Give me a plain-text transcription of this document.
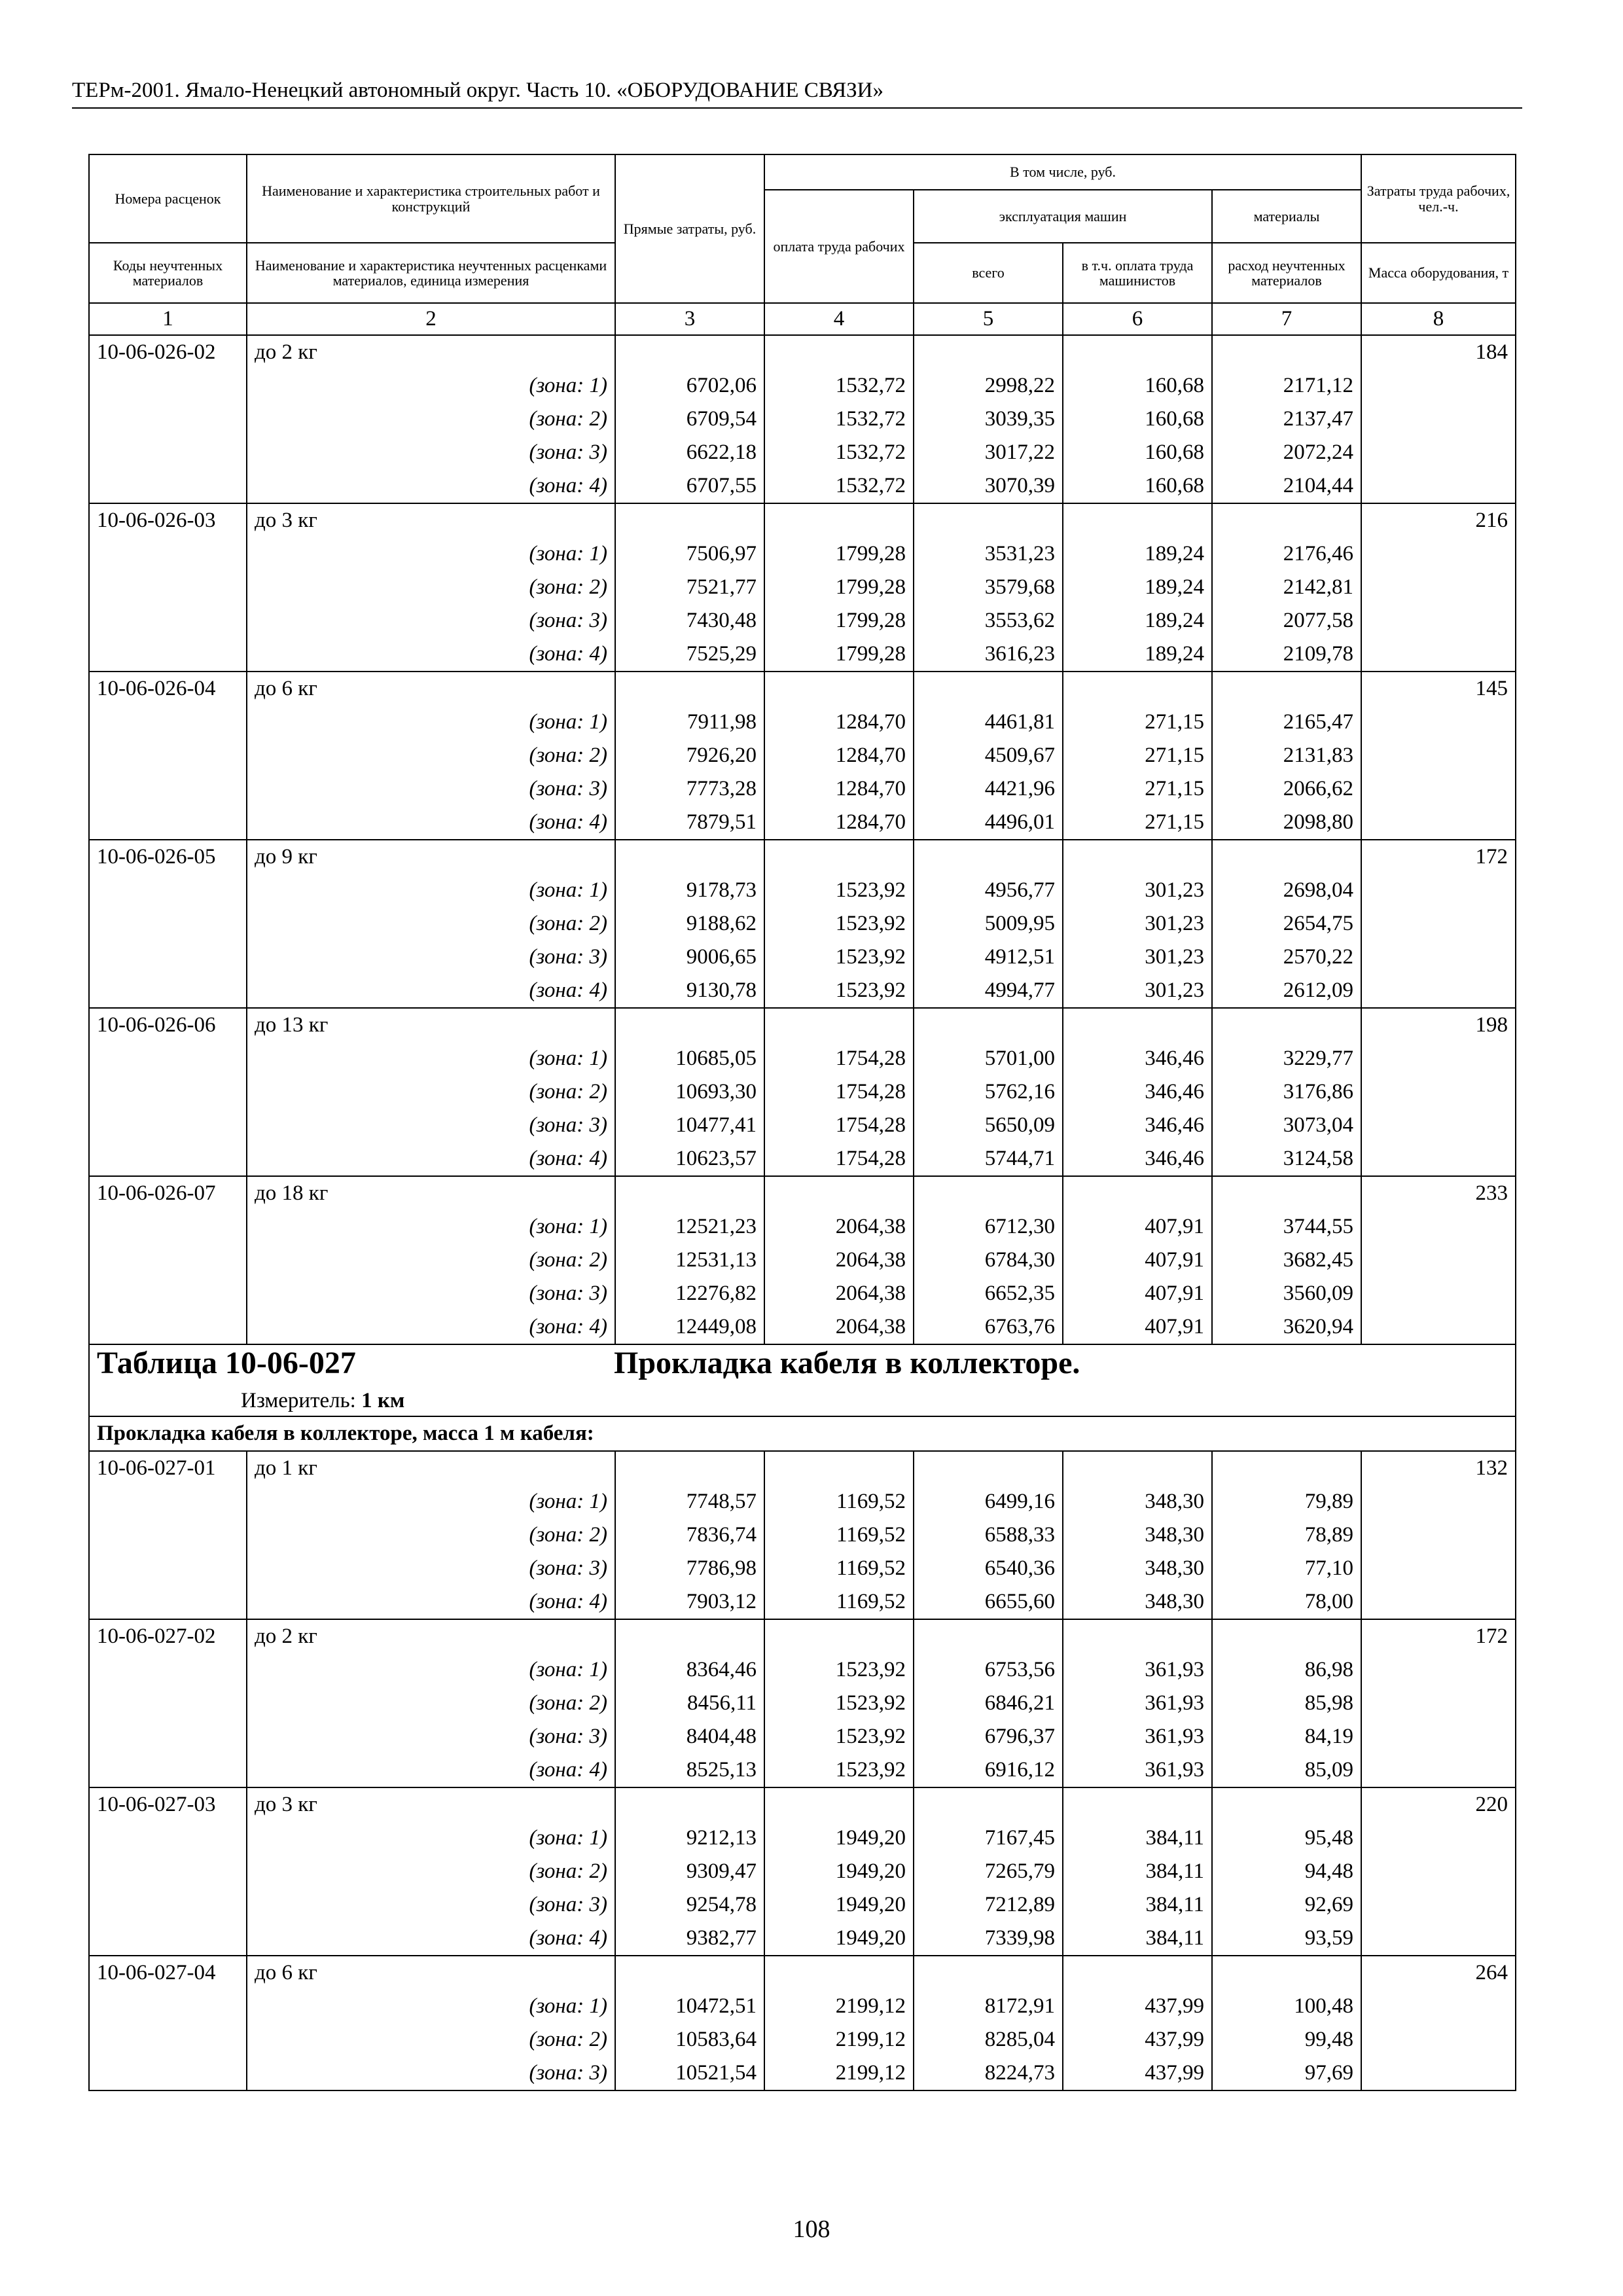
ТЕРм-2001. Ямало-Ненецкий автономный округ. Часть 10. «ОБОРУДОВАНИЕ СВЯЗИ»
Номера расценок	Наименование и характеристика строительных работ и конструкций	Прямые затраты, руб.	В том числе, руб.				Затраты труда рабочих, чел.-ч.
			оплата труда рабочих	эксплуатация машин		материалы	
Коды неучтенных материалов	Наименование и характеристика неучтенных расценками материалов, единица измерения			всего	в т.ч. оплата труда машинистов	расход неучтенных материалов	Масса оборудования, т
1	2	3	4	5	6	7	8
10-06-026-02	до 2 кг						184
	(зона: 1)	6702,06	1532,72	2998,22	160,68	2171,12	
	(зона: 2)	6709,54	1532,72	3039,35	160,68	2137,47	
	(зона: 3)	6622,18	1532,72	3017,22	160,68	2072,24	
	(зона: 4)	6707,55	1532,72	3070,39	160,68	2104,44	
10-06-026-03	до 3 кг						216
	(зона: 1)	7506,97	1799,28	3531,23	189,24	2176,46	
	(зона: 2)	7521,77	1799,28	3579,68	189,24	2142,81	
	(зона: 3)	7430,48	1799,28	3553,62	189,24	2077,58	
	(зона: 4)	7525,29	1799,28	3616,23	189,24	2109,78	
10-06-026-04	до 6 кг						145
	(зона: 1)	7911,98	1284,70	4461,81	271,15	2165,47	
	(зона: 2)	7926,20	1284,70	4509,67	271,15	2131,83	
	(зона: 3)	7773,28	1284,70	4421,96	271,15	2066,62	
	(зона: 4)	7879,51	1284,70	4496,01	271,15	2098,80	
10-06-026-05	до 9 кг						172
	(зона: 1)	9178,73	1523,92	4956,77	301,23	2698,04	
	(зона: 2)	9188,62	1523,92	5009,95	301,23	2654,75	
	(зона: 3)	9006,65	1523,92	4912,51	301,23	2570,22	
	(зона: 4)	9130,78	1523,92	4994,77	301,23	2612,09	
10-06-026-06	до 13 кг						198
	(зона: 1)	10685,05	1754,28	5701,00	346,46	3229,77	
	(зона: 2)	10693,30	1754,28	5762,16	346,46	3176,86	
	(зона: 3)	10477,41	1754,28	5650,09	346,46	3073,04	
	(зона: 4)	10623,57	1754,28	5744,71	346,46	3124,58	
10-06-026-07	до 18 кг						233
	(зона: 1)	12521,23	2064,38	6712,30	407,91	3744,55	
	(зона: 2)	12531,13	2064,38	6784,30	407,91	3682,45	
	(зона: 3)	12276,82	2064,38	6652,35	407,91	3560,09	
	(зона: 4)	12449,08	2064,38	6763,76	407,91	3620,94	

Таблица 10-06-027 Прокладка кабеля в коллекторе.
Измеритель: 1 км							

Прокладка кабеля в коллекторе, масса 1 м кабеля:							
10-06-027-01	до 1 кг						132
	(зона: 1)	7748,57	1169,52	6499,16	348,30	79,89	
	(зона: 2)	7836,74	1169,52	6588,33	348,30	78,89	
	(зона: 3)	7786,98	1169,52	6540,36	348,30	77,10	
	(зона: 4)	7903,12	1169,52	6655,60	348,30	78,00	
10-06-027-02	до 2 кг						172
	(зона: 1)	8364,46	1523,92	6753,56	361,93	86,98	
	(зона: 2)	8456,11	1523,92	6846,21	361,93	85,98	
	(зона: 3)	8404,48	1523,92	6796,37	361,93	84,19	
	(зона: 4)	8525,13	1523,92	6916,12	361,93	85,09	
10-06-027-03	до 3 кг						220
	(зона: 1)	9212,13	1949,20	7167,45	384,11	95,48	
	(зона: 2)	9309,47	1949,20	7265,79	384,11	94,48	
	(зона: 3)	9254,78	1949,20	7212,89	384,11	92,69	
	(зона: 4)	9382,77	1949,20	7339,98	384,11	93,59	
10-06-027-04	до 6 кг						264
	(зона: 1)	10472,51	2199,12	8172,91	437,99	100,48	
	(зона: 2)	10583,64	2199,12	8285,04	437,99	99,48	
	(зона: 3)	10521,54	2199,12	8224,73	437,99	97,69	
108
